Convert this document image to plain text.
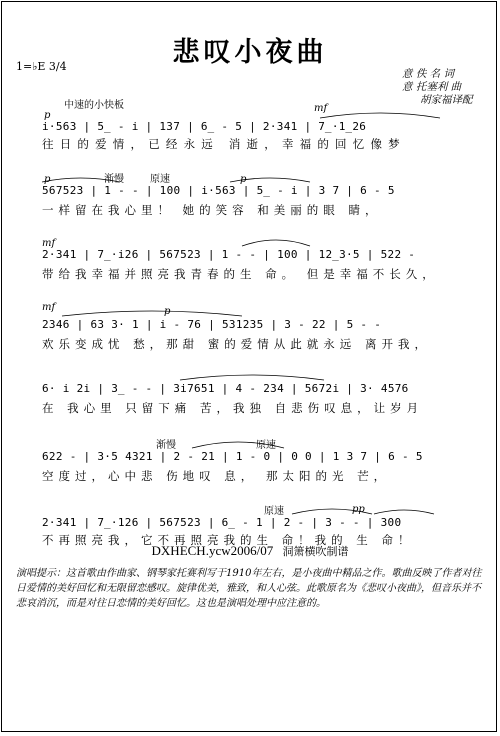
悲叹小夜曲
1=♭E 3/4
意 佚 名 词
意 托塞利 曲
胡家福译配
中速的小快板
p
mf
i·563 | 5̲ - i | 137 | 6̲ - 5 | 2·341 | 7̲·1̲26
往日的爱情，已经永远 消逝，幸福的回忆像梦
p	渐慢	原速	p
567523 | 1 - - | 100 | i·563 | 5̲ - i | 3 7 | 6 - 5
一样留在我心里！ 她的笑容 和美丽的眼 睛，
mf
2·341 | 7̲·i26 | 567523 | 1 - - | 100 | 12̲3·5 | 522 -
带给我幸福并照亮我青春的生 命。 但是幸福不长久，
mf	p
2346 | 63 3· 1 | i - 76 | 531235 | 3 - 22 | 5 - -
欢乐变成忧 愁，那甜 蜜的爱情从此就永远 离开我，
6· i 2i | 3̲ - - | 3i7651 | 4 - 234 | 5672i | 3· 4576
在 我心里 只留下痛 苦，我独 自悲伤叹息，让岁月
渐慢	原速
622 - | 3·5 4321 | 2 - 21 | 1 - 0 | 0 0 | 1 3 7 | 6 - 5
空度过，心中悲 伤地叹 息， 那太阳的光 芒，
原速	pp
2·341 | 7̲·126 | 567523 | 6̲ - 1 | 2 - | 3 - - | 300
不再照亮我，它不再照亮我的生 命！我的 生 命！
DXHECH.ycw2006/07 洞箫横吹制谱
演唱提示：这首歌由作曲家、钢琴家托赛利写于1910年左右，是小夜曲中精品之作。歌曲反映了作者对往日爱情的美好回忆和无限留恋感叹。旋律优美，雅致，和人心弦。此歌原名为《悲叹小夜曲》，但音乐并不悲哀消沉，而是对往日恋情的美好回忆。这也是演唱处理中应注意的。
